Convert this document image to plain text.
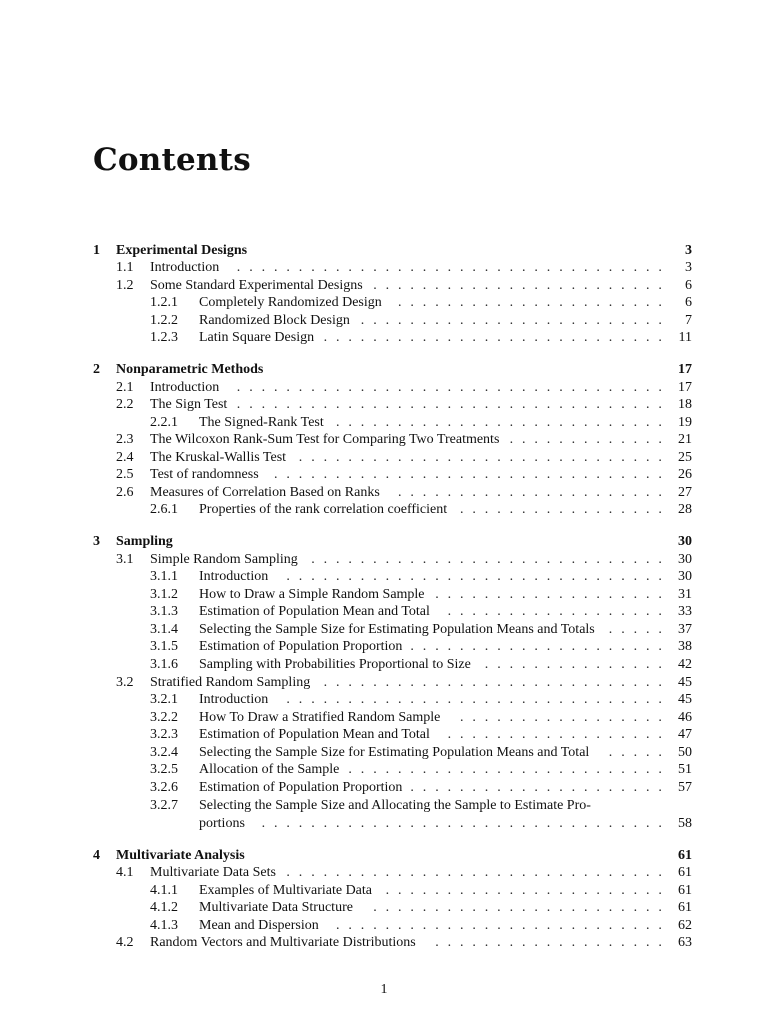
Contents
1 Experimental Designs	3
1.1 Introduction	3
...................................
1.2 Some Standard Experimental Designs	6
........................
1.2.1 Completely Randomized Design	6
......................
1.2.2 Randomized Block Design	7
.........................
1.2.3 Latin Square Design	11
............................
2 Nonparametric Methods	17
2.1 Introduction	17
...................................
2.2 The Sign Test	18
...................................
2.2.1 The Signed-Rank Test	19
...........................
2.3 The Wilcoxon Rank-Sum Test for Comparing Two Treatments	21
.............
2.4 The Kruskal-Wallis Test	25
..............................
2.5 Test of randomness	26
................................
2.6 Measures of Correlation Based on Ranks	27
......................
2.6.1 Properties of the rank correlation coefficient	28
.................
3 Sampling	30
3.1 Simple Random Sampling	30
.............................
3.1.1 Introduction	30
...............................
3.1.2 How to Draw a Simple Random Sample	31
...................
3.1.3 Estimation of Population Mean and Total	33
..................
3.1.4 Selecting the Sample Size for Estimating Population Means and Totals	37
.....
3.1.5 Estimation of Population Proportion	38
.....................
3.1.6 Sampling with Probabilities Proportional to Size	42
...............
3.2 Stratified Random Sampling	45
............................
3.2.1 Introduction	45
...............................
3.2.2 How To Draw a Stratified Random Sample	46
.................
3.2.3 Estimation of Population Mean and Total	47
..................
3.2.4 Selecting the Sample Size for Estimating Population Means and Total	50
.....
3.2.5 Allocation of the Sample	51
..........................
3.2.6 Estimation of Population Proportion	57
.....................
3.2.7 Selecting the Sample Size and Allocating the Sample to Estimate Pro-
portions	58
.................................
4 Multivariate Analysis	61
4.1 Multivariate Data Sets	61
...............................
4.1.1 Examples of Multivariate Data	61
.......................
4.1.2 Multivariate Data Structure	61
........................
4.1.3 Mean and Dispersion	62
...........................
4.2 Random Vectors and Multivariate Distributions	63
...................
1
